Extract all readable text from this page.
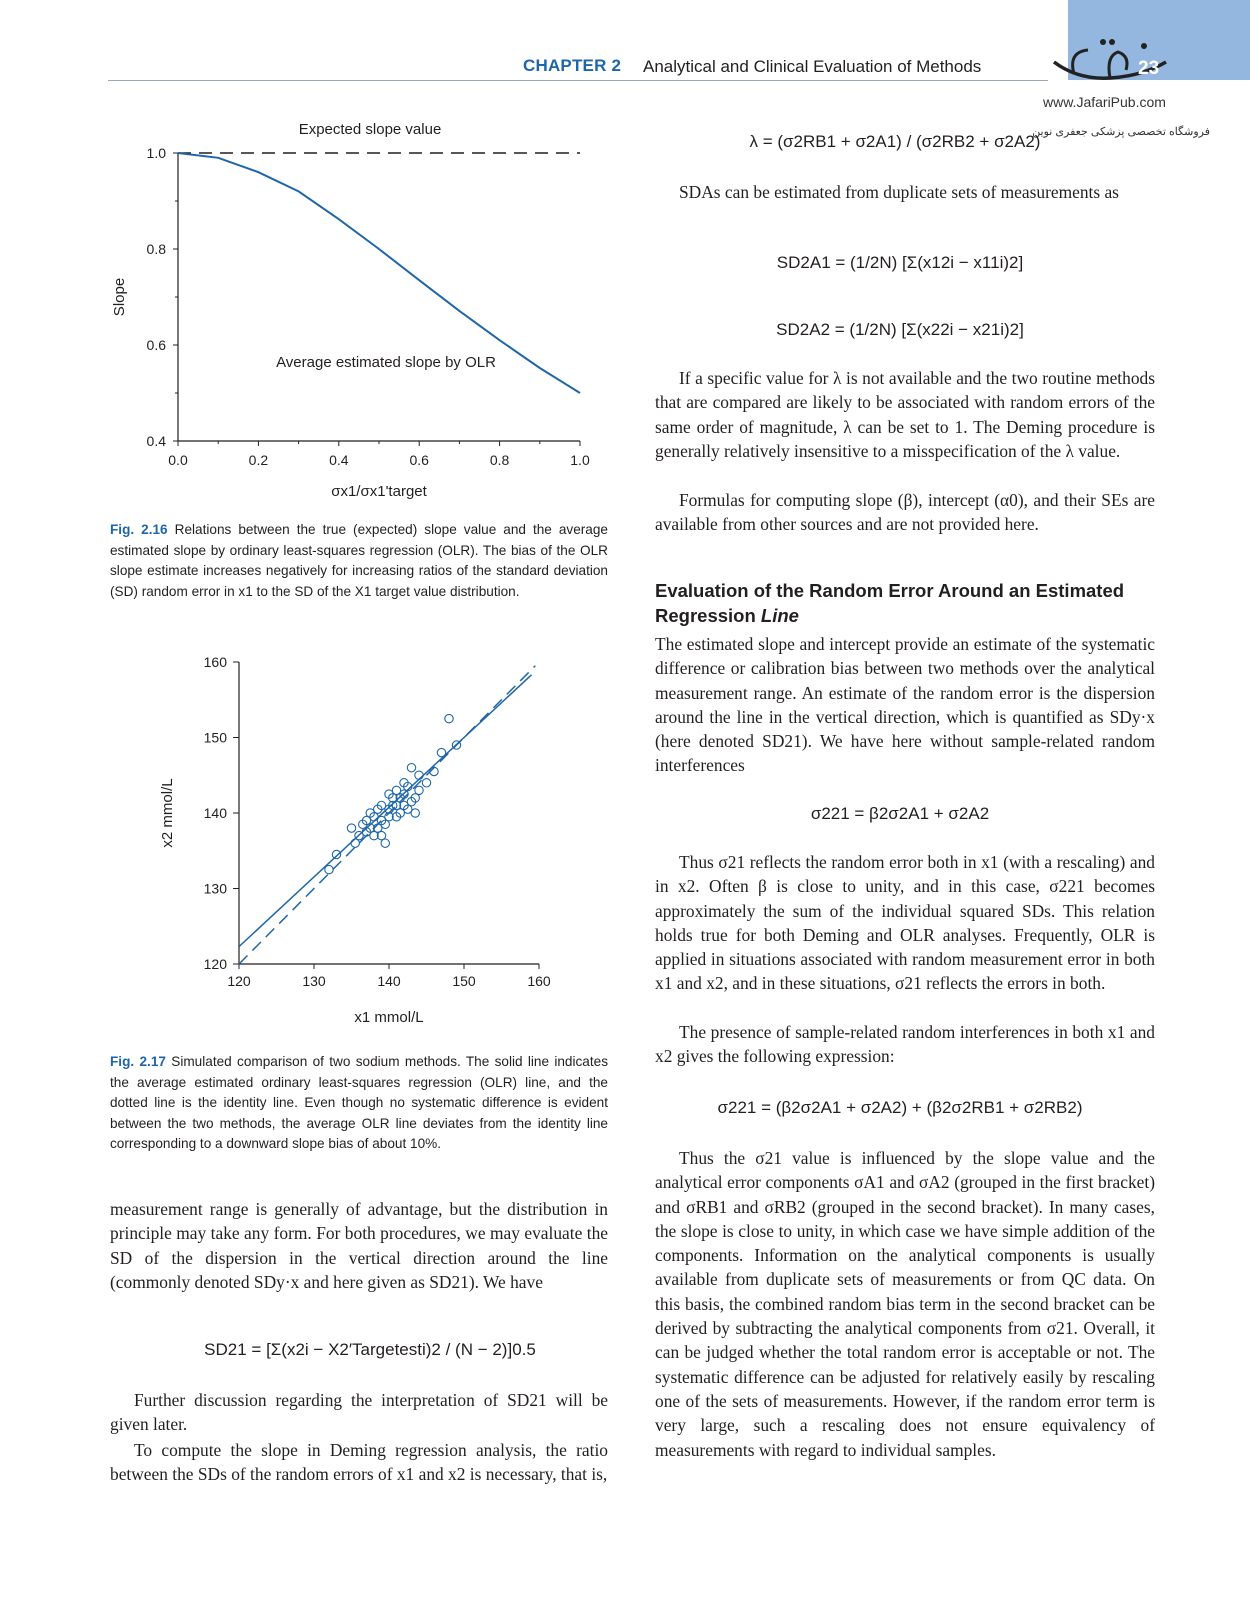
CHAPTER 2 Analytical and Clinical Evaluation of Methods	23
www.JafariPub.com
فروشگاه تخصصی پزشکی جعفری نوین
0.0	0.2	0.4	0.6	0.8	1.0
0.4
0.6
0.8
1.0
Expected slope value
Average estimated slope by OLR
Slope
σx1/σx1'target
Fig. 2.16 Relations between the true (expected) slope value and the average estimated slope by ordinary least-squares regression (OLR). The bias of the OLR slope estimate increases negatively for increasing ratios of the standard deviation (SD) random error in x1 to the SD of the X1 target value distribution.
120	130	140	150	160
120
130
140
150
160
x2 mmol/L
x1 mmol/L
Fig. 2.17 Simulated comparison of two sodium methods. The solid line indicates the average estimated ordinary least-squares regression (OLR) line, and the dotted line is the identity line. Even though no systematic difference is evident between the two methods, the average OLR line deviates from the identity line corresponding to a downward slope bias of about 10%.
measurement range is generally of advantage, but the distribution in principle may take any form. For both procedures, we may evaluate the SD of the dispersion in the vertical direction around the line (commonly denoted SDy·x and here given as SD21). We have
SD21 = [Σ(x2i − X2′Targetesti)2 / (N − 2)]0.5
Further discussion regarding the interpretation of SD21 will be given later.
To compute the slope in Deming regression analysis, the ratio between the SDs of the random errors of x1 and x2 is necessary, that is,
λ = (σ2RB1 + σ2A1) / (σ2RB2 + σ2A2)
SDAs can be estimated from duplicate sets of measurements as
SD2A1 = (1/2N) [Σ(x12i − x11i)2]
SD2A2 = (1/2N) [Σ(x22i − x21i)2]
If a specific value for λ is not available and the two routine methods that are compared are likely to be associated with random errors of the same order of magnitude, λ can be set to 1. The Deming procedure is generally relatively insensitive to a misspecification of the λ value.
Formulas for computing slope (β), intercept (α0), and their SEs are available from other sources and are not provided here.
Evaluation of the Random Error Around an Estimated Regression Line
The estimated slope and intercept provide an estimate of the systematic difference or calibration bias between two methods over the analytical measurement range. An estimate of the random error is the dispersion around the line in the vertical direction, which is quantified as SDy·x (here denoted SD21). We have here without sample-related random interferences
σ221 = β2σ2A1 + σ2A2
Thus σ21 reflects the random error both in x1 (with a rescaling) and in x2. Often β is close to unity, and in this case, σ221 becomes approximately the sum of the individual squared SDs. This relation holds true for both Deming and OLR analyses. Frequently, OLR is applied in situations associated with random measurement error in both x1 and x2, and in these situations, σ21 reflects the errors in both.
The presence of sample-related random interferences in both x1 and x2 gives the following expression:
σ221 = (β2σ2A1 + σ2A2) + (β2σ2RB1 + σ2RB2)
Thus the σ21 value is influenced by the slope value and the analytical error components σA1 and σA2 (grouped in the first bracket) and σRB1 and σRB2 (grouped in the second bracket). In many cases, the slope is close to unity, in which case we have simple addition of the components. Information on the analytical components is usually available from duplicate sets of measurements or from QC data. On this basis, the combined random bias term in the second bracket can be derived by subtracting the analytical components from σ21. Overall, it can be judged whether the total random error is acceptable or not. The systematic difference can be adjusted for relatively easily by rescaling one of the sets of measurements. However, if the random error term is very large, such a rescaling does not ensure equivalency of measurements with regard to individual samples.
